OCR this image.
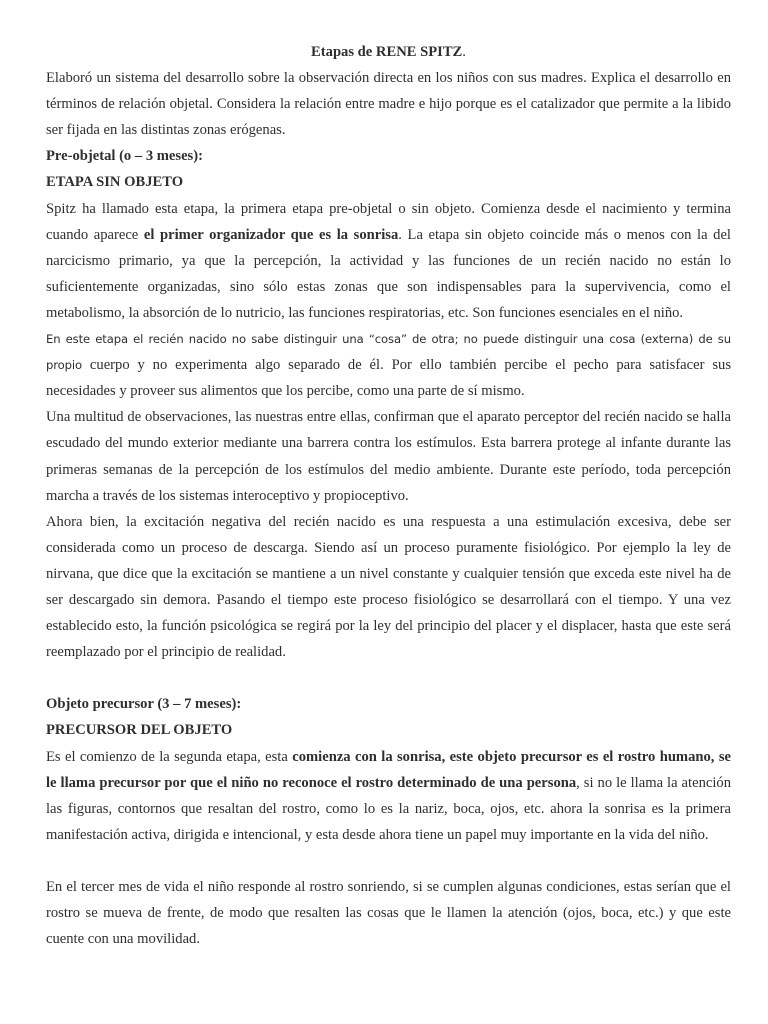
Etapas de RENE SPITZ.

Elaboró un sistema del desarrollo sobre la observación directa en los niños con sus madres. Explica el desarrollo en términos de relación objetal. Considera la relación entre madre e hijo porque es el catalizador que permite a la libido ser fijada en las distintas zonas erógenas.

Pre-objetal (o – 3 meses):

ETAPA SIN OBJETO

Spitz ha llamado esta etapa, la primera etapa pre-objetal o sin objeto. Comienza desde el nacimiento y termina cuando aparece el primer organizador que es la sonrisa. La etapa sin objeto coincide más o menos con la del narcicismo primario, ya que la percepción, la actividad y las funciones de un recién nacido no están lo suficientemente organizadas, sino sólo estas zonas que son indispensables para la supervivencia, como el metabolismo, la absorción de lo nutricio, las funciones respiratorias, etc. Son funciones esenciales en el niño.

En este etapa el recién nacido no sabe distinguir una “cosa” de otra; no puede distinguir una cosa (externa) de su propio cuerpo y no experimenta algo separado de él. Por ello también percibe el pecho para satisfacer sus necesidades y proveer sus alimentos que los percibe, como una parte de sí mismo.

Una multitud de observaciones, las nuestras entre ellas, confirman que el aparato perceptor del recién nacido se halla escudado del mundo exterior mediante una barrera contra los estímulos. Esta barrera protege al infante durante las primeras semanas de la percepción de los estímulos del medio ambiente. Durante este período, toda percepción marcha a través de los sistemas interoceptivo y propioceptivo.

Ahora bien, la excitación negativa del recién nacido es una respuesta a una estimulación excesiva, debe ser considerada como un proceso de descarga. Siendo así un proceso puramente fisiológico. Por ejemplo la ley de nirvana, que dice que la excitación se mantiene a un nivel constante y cualquier tensión que exceda este nivel ha de ser descargado sin demora. Pasando el tiempo este proceso fisiológico se desarrollará con el tiempo. Y una vez establecido esto, la función psicológica se regirá por la ley del principio del placer y el displacer, hasta que este será reemplazado por el principio de realidad.

Objeto precursor (3 – 7 meses):

PRECURSOR DEL OBJETO

Es el comienzo de la segunda etapa, esta comienza con la sonrisa, este objeto precursor es el rostro humano, se le llama precursor por que el niño no reconoce el rostro determinado de una persona, si no le llama la atención las figuras, contornos que resaltan del rostro, como lo es la nariz, boca, ojos, etc. ahora la sonrisa es la primera manifestación activa, dirigida e intencional, y esta desde ahora tiene un papel muy importante en la vida del niño.

En el tercer mes de vida el niño responde al rostro sonriendo, si se cumplen algunas condiciones, estas serían que el rostro se mueva de frente, de modo que resalten las cosas que le llamen la atención (ojos, boca, etc.) y que este cuente con una movilidad.
